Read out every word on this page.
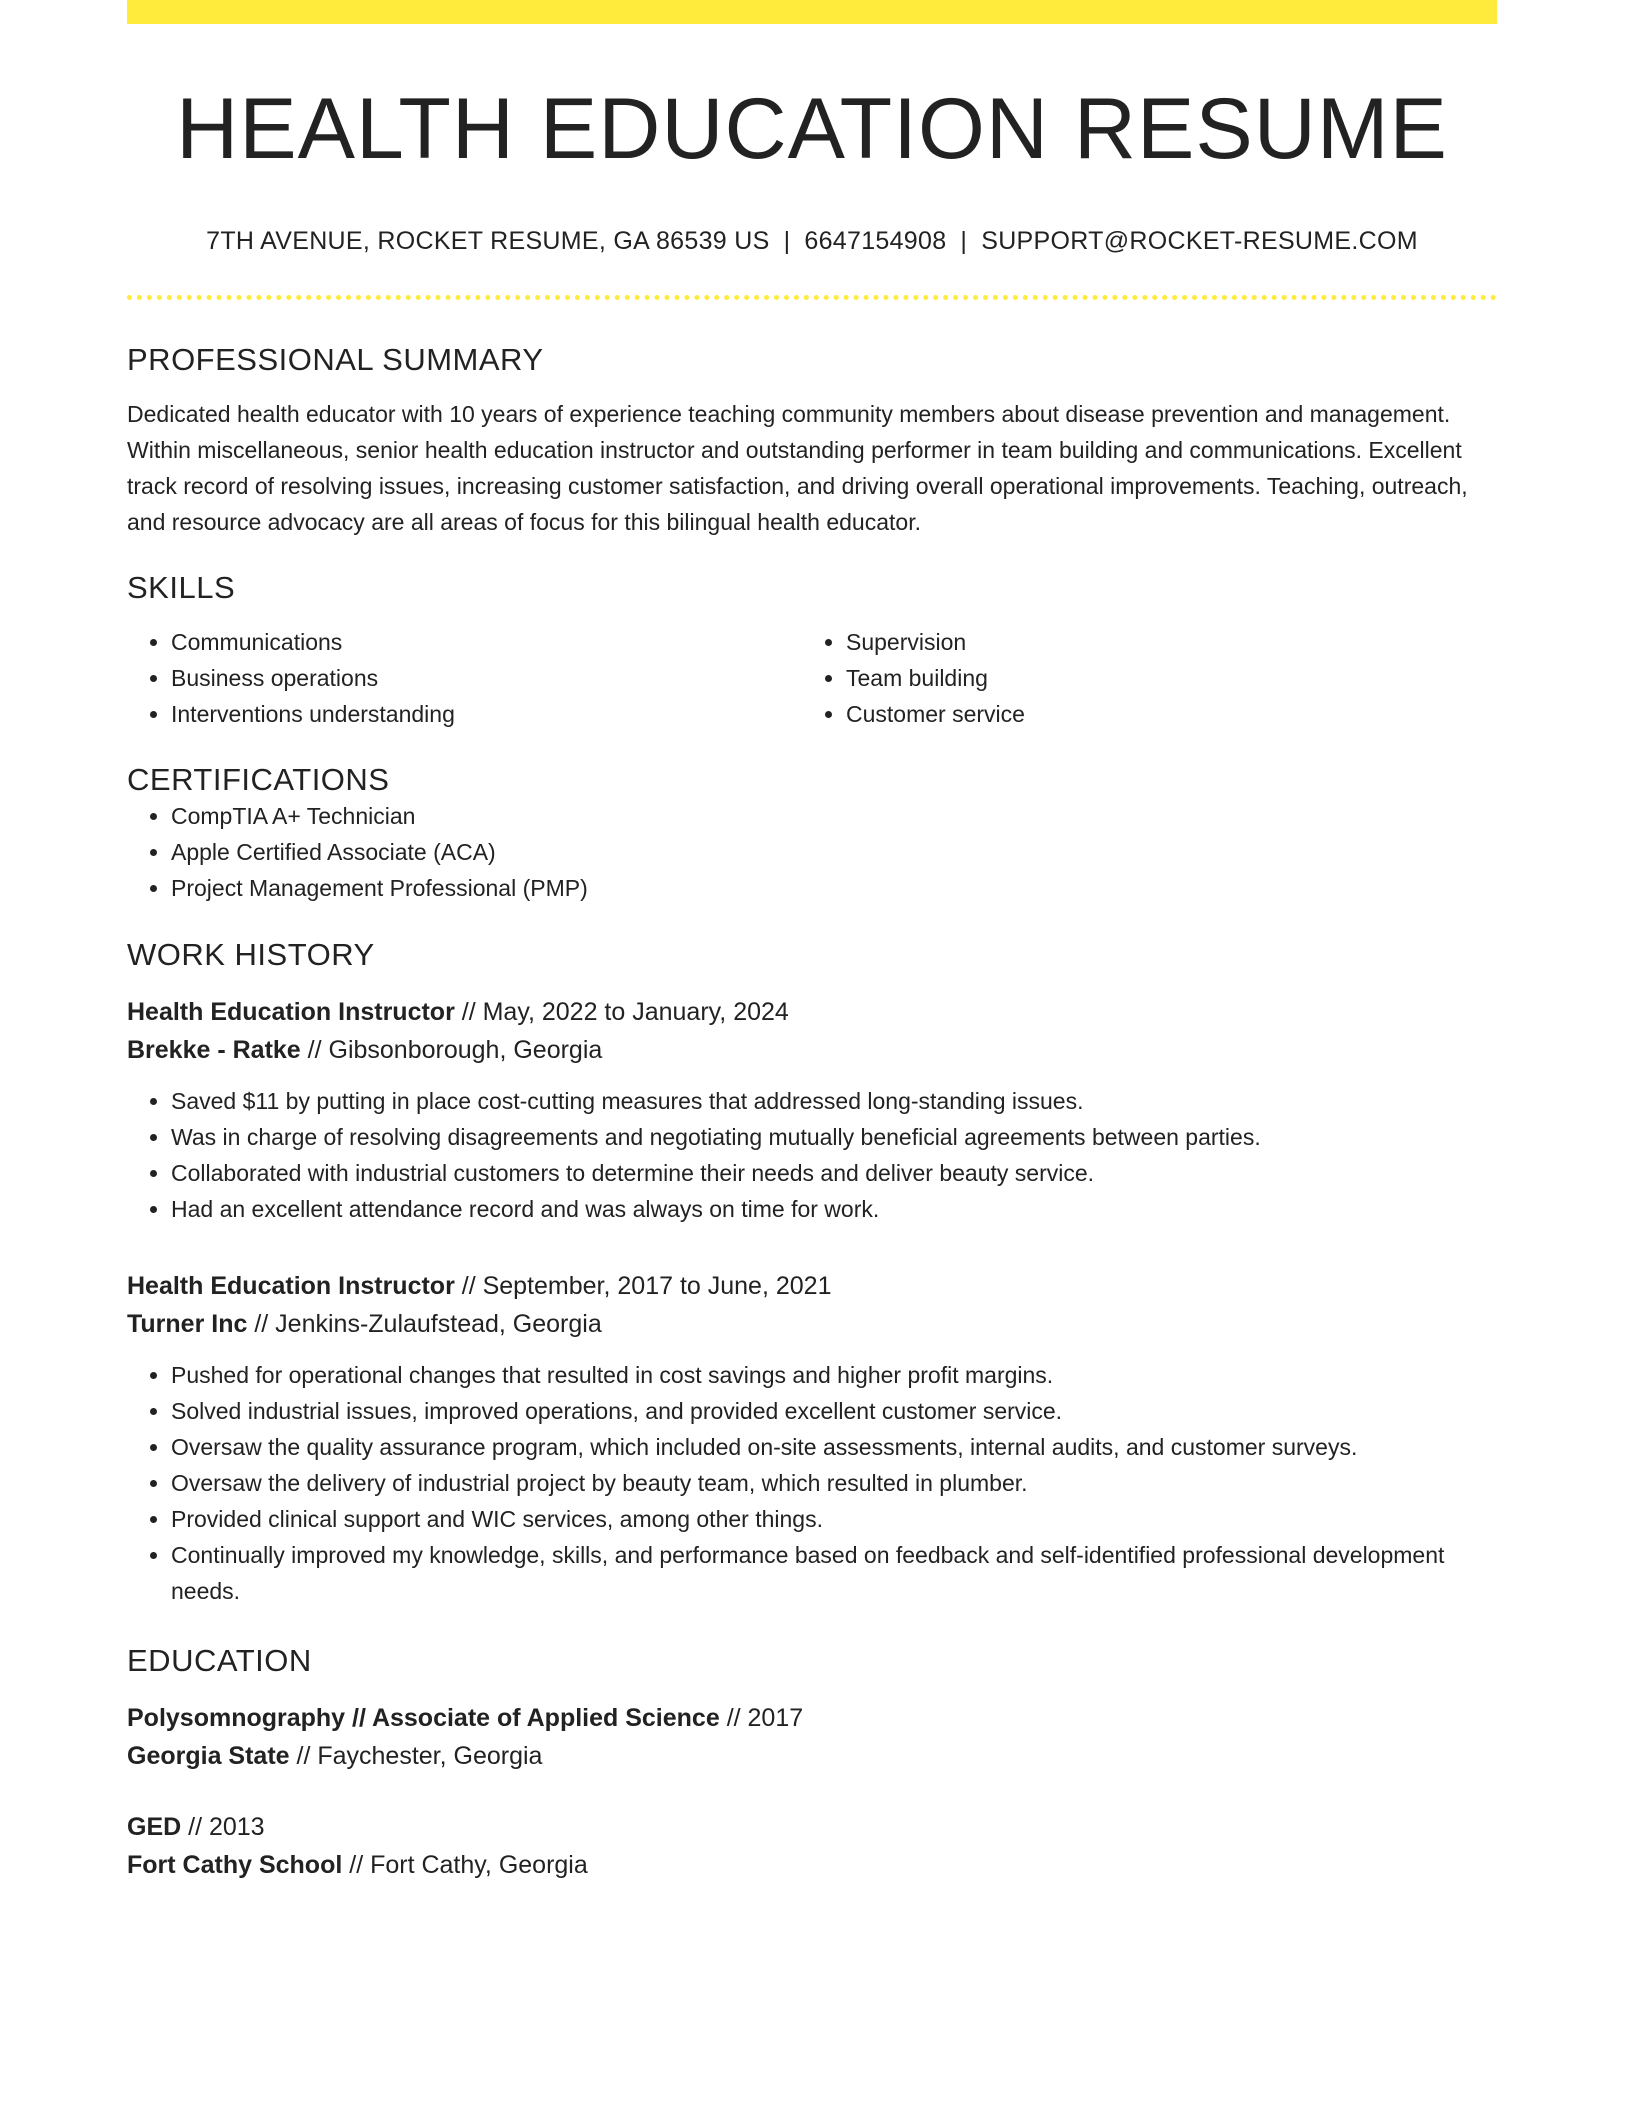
HEALTH EDUCATION RESUME
7TH AVENUE, ROCKET RESUME, GA 86539 US | 6647154908 | SUPPORT@ROCKET-RESUME.COM
PROFESSIONAL SUMMARY

Dedicated health educator with 10 years of experience teaching community members about disease prevention and management. Within miscellaneous, senior health education instructor and outstanding performer in team building and communications. Excellent track record of resolving issues, increasing customer satisfaction, and driving overall operational improvements. Teaching, outreach, and resource advocacy are all areas of focus for this bilingual health educator.

SKILLS
• Communications
• Business operations
• Interventions understanding
• Supervision
• Team building
• Customer service
CERTIFICATIONS
• CompTIA A+ Technician
• Apple Certified Associate (ACA)
• Project Management Professional (PMP)
WORK HISTORY
Health Education Instructor // May, 2022 to January, 2024
Brekke - Ratke // Gibsonborough, Georgia
• Saved $11 by putting in place cost-cutting measures that addressed long-standing issues.
• Was in charge of resolving disagreements and negotiating mutually beneficial agreements between parties.
• Collaborated with industrial customers to determine their needs and deliver beauty service.
• Had an excellent attendance record and was always on time for work.
Health Education Instructor // September, 2017 to June, 2021
Turner Inc // Jenkins-Zulaufstead, Georgia
• Pushed for operational changes that resulted in cost savings and higher profit margins.
• Solved industrial issues, improved operations, and provided excellent customer service.
• Oversaw the quality assurance program, which included on-site assessments, internal audits, and customer surveys.
• Oversaw the delivery of industrial project by beauty team, which resulted in plumber.
• Provided clinical support and WIC services, among other things.
• Continually improved my knowledge, skills, and performance based on feedback and self-identified professional development needs.
EDUCATION
Polysomnography // Associate of Applied Science // 2017
Georgia State // Faychester, Georgia
GED // 2013
Fort Cathy School // Fort Cathy, Georgia
